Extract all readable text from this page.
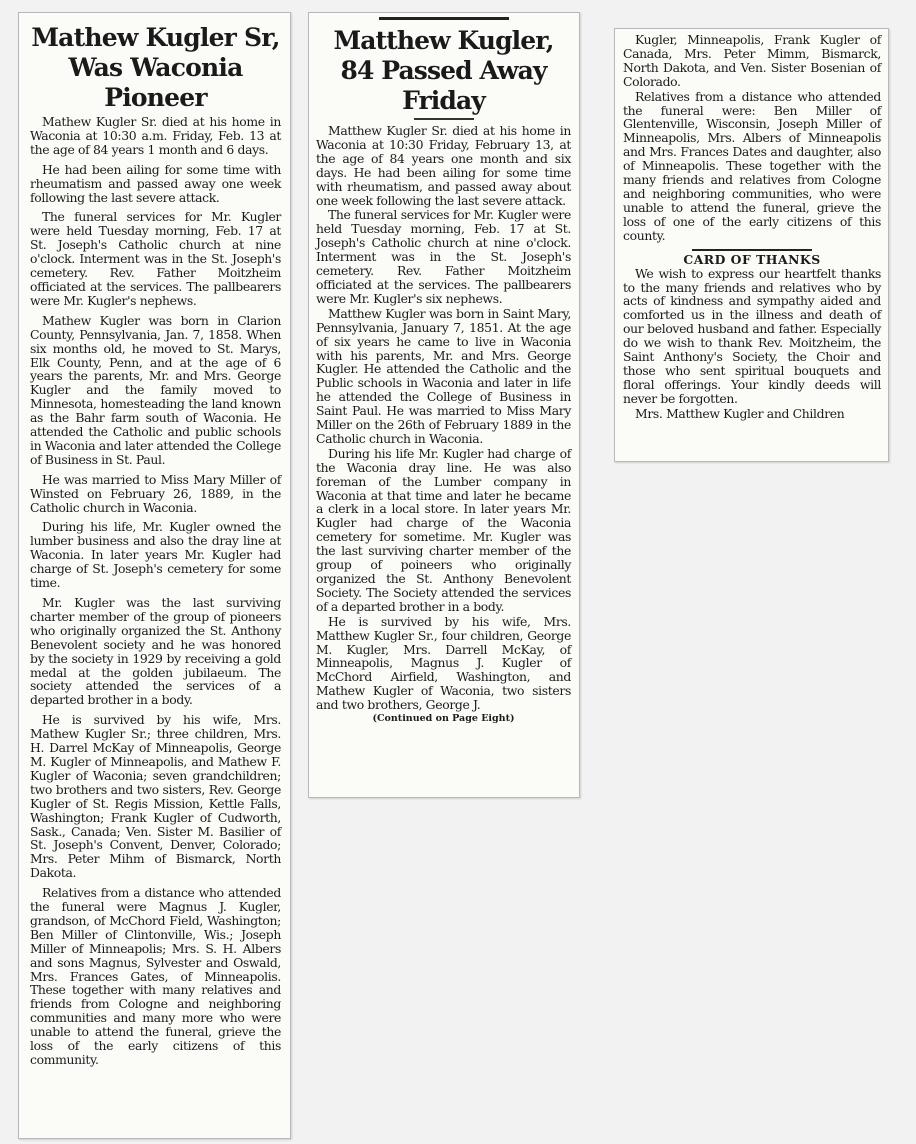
Mathew Kugler Sr, Was Waconia Pioneer

Mathew Kugler Sr. died at his home in Waconia at 10:30 a.m. Friday, Feb. 13 at the age of 84 years 1 month and 6 days.

He had been ailing for some time with rheumatism and passed away one week following the last severe attack.

The funeral services for Mr. Kugler were held Tuesday morning, Feb. 17 at St. Joseph's Catholic church at nine o'clock. Interment was in the St. Joseph's cemetery. Rev. Father Moitzheim officiated at the services. The pallbearers were Mr. Kugler's nephews.

Mathew Kugler was born in Clarion County, Pennsylvania, Jan. 7, 1858. When six months old, he moved to St. Marys, Elk County, Penn, and at the age of 6 years the parents, Mr. and Mrs. George Kugler and the family moved to Minnesota, homesteading the land known as the Bahr farm south of Waconia. He attended the Catholic and public schools in Waconia and later attended the College of Business in St. Paul.

He was married to Miss Mary Miller of Winsted on February 26, 1889, in the Catholic church in Waconia.

During his life, Mr. Kugler owned the lumber business and also the dray line at Waconia. In later years Mr. Kugler had charge of St. Joseph's cemetery for some time.

Mr. Kugler was the last surviving charter member of the group of pioneers who originally organized the St. Anthony Benevolent society and he was honored by the society in 1929 by receiving a gold medal at the golden jubilaeum. The society attended the services of a departed brother in a body.

He is survived by his wife, Mrs. Mathew Kugler Sr.; three children, Mrs. H. Darrel McKay of Minneapolis, George M. Kugler of Minneapolis, and Mathew F. Kugler of Waconia; seven grandchildren; two brothers and two sisters, Rev. George Kugler of St. Regis Mission, Kettle Falls, Washington; Frank Kugler of Cudworth, Sask., Canada; Ven. Sister M. Basilier of St. Joseph's Convent, Denver, Colorado; Mrs. Peter Mihm of Bismarck, North Dakota.

Relatives from a distance who attended the funeral were Magnus J. Kugler, grandson, of McChord Field, Washington; Ben Miller of Clintonville, Wis.; Joseph Miller of Minneapolis; Mrs. S. H. Albers and sons Magnus, Sylvester and Oswald, Mrs. Frances Gates, of Minneapolis. These together with many relatives and friends from Cologne and neighboring communities and many more who were unable to attend the funeral, grieve the loss of the early citizens of this community.

Matthew Kugler, 84 Passed Away Friday

Matthew Kugler Sr. died at his home in Waconia at 10:30 Friday, February 13, at the age of 84 years one month and six days. He had been ailing for some time with rheumatism, and passed away about one week following the last severe attack.

The funeral services for Mr. Kugler were held Tuesday morning, Feb. 17 at St. Joseph's Catholic church at nine o'clock. Interment was in the St. Joseph's cemetery. Rev. Father Moitzheim officiated at the services. The pallbearers were Mr. Kugler's six nephews.

Matthew Kugler was born in Saint Mary, Pennsylvania, January 7, 1851. At the age of six years he came to live in Waconia with his parents, Mr. and Mrs. George Kugler. He attended the Catholic and the Public schools in Waconia and later in life he attended the College of Business in Saint Paul. He was married to Miss Mary Miller on the 26th of February 1889 in the Catholic church in Waconia.

During his life Mr. Kugler had charge of the Waconia dray line. He was also foreman of the Lumber company in Waconia at that time and later he became a clerk in a local store. In later years Mr. Kugler had charge of the Waconia cemetery for sometime. Mr. Kugler was the last surviving charter member of the group of poineers who originally organized the St. Anthony Benevolent Society. The Society attended the services of a departed brother in a body.

He is survived by his wife, Mrs. Matthew Kugler Sr., four children, George M. Kugler, Mrs. Darrell McKay, of Minneapolis, Magnus J. Kugler of McChord Airfield, Washington, and Mathew Kugler of Waconia, two sisters and two brothers, George J.

(Continued on Page Eight)

Kugler, Minneapolis, Frank Kugler of Canada, Mrs. Peter Mimm, Bismarck, North Dakota, and Ven. Sister Bosenian of Colorado.

Relatives from a distance who attended the funeral were: Ben Miller of Glentenville, Wisconsin, Joseph Miller of Minneapolis, Mrs. Albers of Minneapolis and Mrs. Frances Dates and daughter, also of Minneapolis. These together with the many friends and relatives from Cologne and neighboring communities, who were unable to attend the funeral, grieve the loss of one of the early citizens of this county.

CARD OF THANKS

We wish to express our heartfelt thanks to the many friends and relatives who by acts of kindness and sympathy aided and comforted us in the illness and death of our beloved husband and father. Especially do we wish to thank Rev. Moitzheim, the Saint Anthony's Society, the Choir and those who sent spiritual bouquets and floral offerings. Your kindly deeds will never be forgotten.

Mrs. Matthew Kugler and Children
